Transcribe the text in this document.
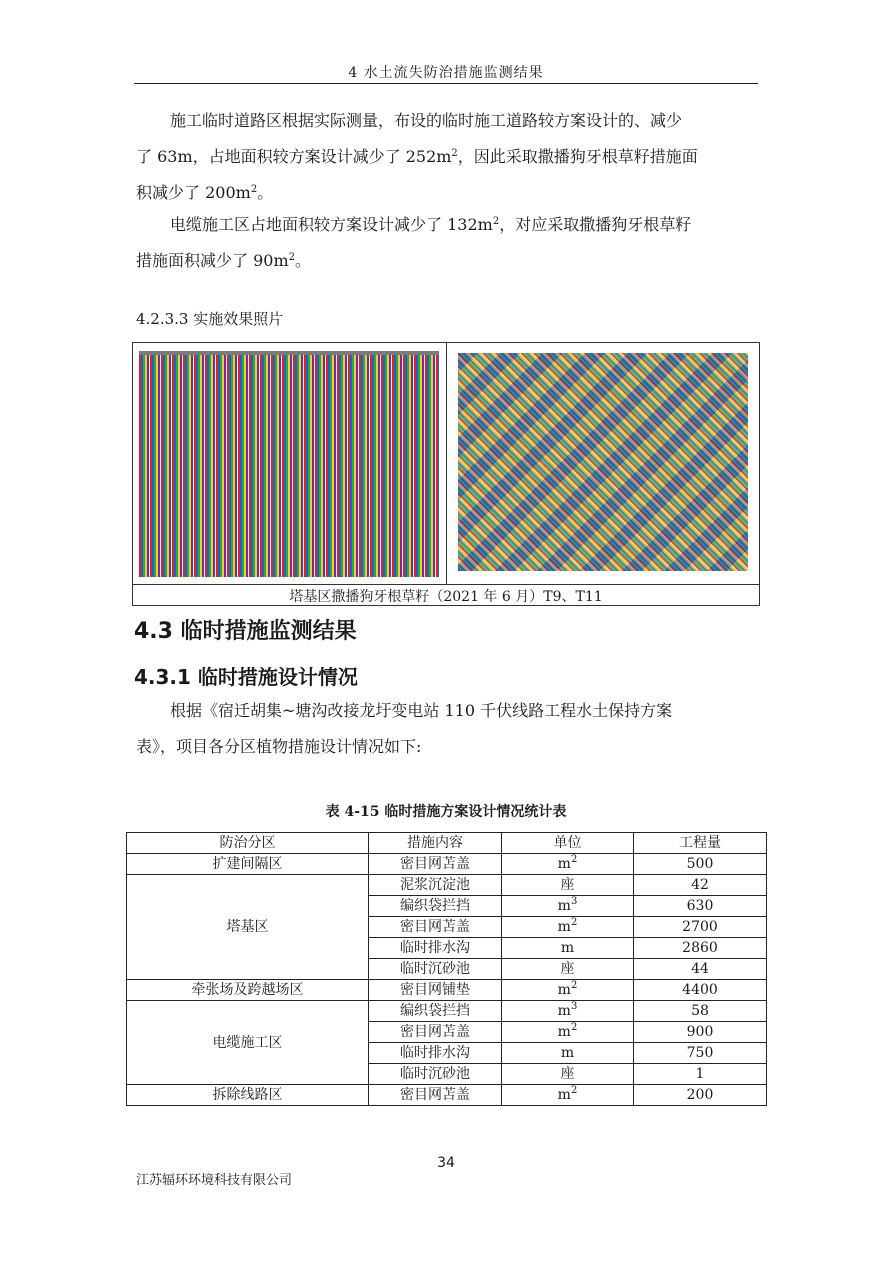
4 水土流失防治措施监测结果
施工临时道路区根据实际测量，布设的临时施工道路较方案设计的、减少
了 63m，占地面积较方案设计减少了 $252m^2$，因此采取撒播狗牙根草籽措施面
积减少了 $200m^2$。
电缆施工区占地面积较方案设计减少了 $132m^2$，对应采取撒播狗牙根草籽
措施面积减少了 $90m^2$。
4.2.3.3 实施效果照片
塔基区撒播狗牙根草籽（2021 年 6 月）T9、T11
4.3 临时措施监测结果
4.3.1 临时措施设计情况
根据《宿迁胡集~塘沟改接龙圩变电站 110 千伏线路工程水土保持方案
表》，项目各分区植物措施设计情况如下:
表 4-15 临时措施方案设计情况统计表
防治分区	措施内容	单位	工程量
扩建间隔区	密目网苫盖	$m^2$	500
塔基区	泥浆沉淀池	座	42
	编织袋拦挡	$m^3$	630
	密目网苫盖	$m^2$	2700
	临时排水沟	m	2860
	临时沉砂池	座	44
牵张场及跨越场区	密目网铺垫	$m^2$	4400
电缆施工区	编织袋拦挡	$m^3$	58
	密目网苫盖	$m^2$	900
	临时排水沟	m	750
	临时沉砂池	座	1
拆除线路区	密目网苫盖	$m^2$	200
34
江苏辐环环境科技有限公司
